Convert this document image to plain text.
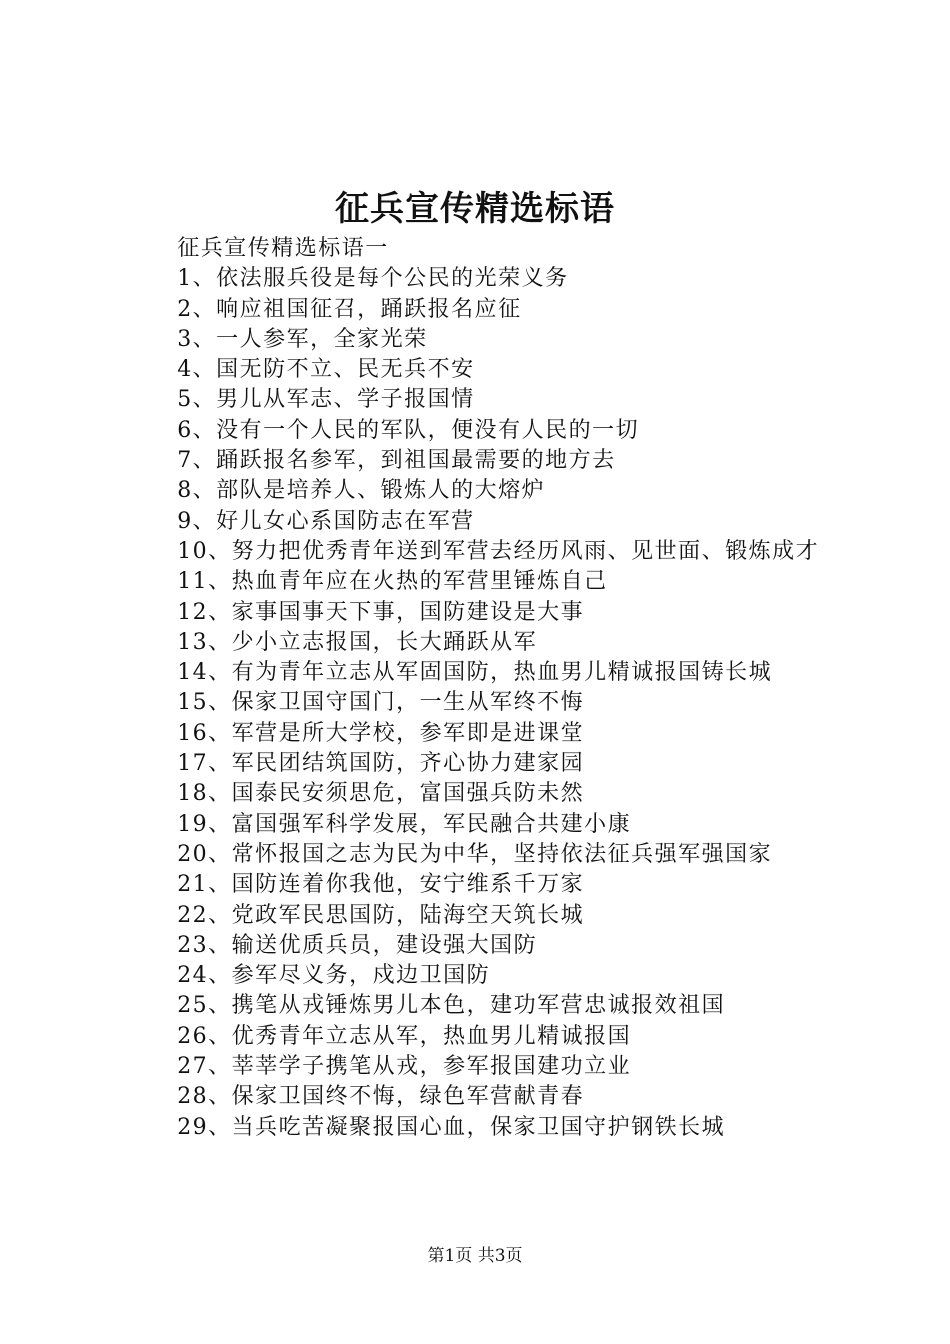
征兵宣传精选标语

征兵宣传精选标语一

1、依法服兵役是每个公民的光荣义务

2、响应祖国征召，踊跃报名应征

3、一人参军，全家光荣

4、国无防不立、民无兵不安

5、男儿从军志、学子报国情

6、没有一个人民的军队，便没有人民的一切

7、踊跃报名参军，到祖国最需要的地方去

8、部队是培养人、锻炼人的大熔炉

9、好儿女心系国防志在军营

10、努力把优秀青年送到军营去经历风雨、见世面、锻炼成才

11、热血青年应在火热的军营里锤炼自己

12、家事国事天下事，国防建设是大事

13、少小立志报国，长大踊跃从军

14、有为青年立志从军固国防，热血男儿精诚报国铸长城

15、保家卫国守国门，一生从军终不悔

16、军营是所大学校，参军即是进课堂

17、军民团结筑国防，齐心协力建家园

18、国泰民安须思危，富国强兵防未然

19、富国强军科学发展，军民融合共建小康

20、常怀报国之志为民为中华，坚持依法征兵强军强国家

21、国防连着你我他，安宁维系千万家

22、党政军民思国防，陆海空天筑长城

23、输送优质兵员，建设强大国防

24、参军尽义务，戍边卫国防

25、携笔从戎锤炼男儿本色，建功军营忠诚报效祖国

26、优秀青年立志从军，热血男儿精诚报国

27、莘莘学子携笔从戎，参军报国建功立业

28、保家卫国终不悔，绿色军营献青春

29、当兵吃苦凝聚报国心血，保家卫国守护钢铁长城

第1页 共3页
